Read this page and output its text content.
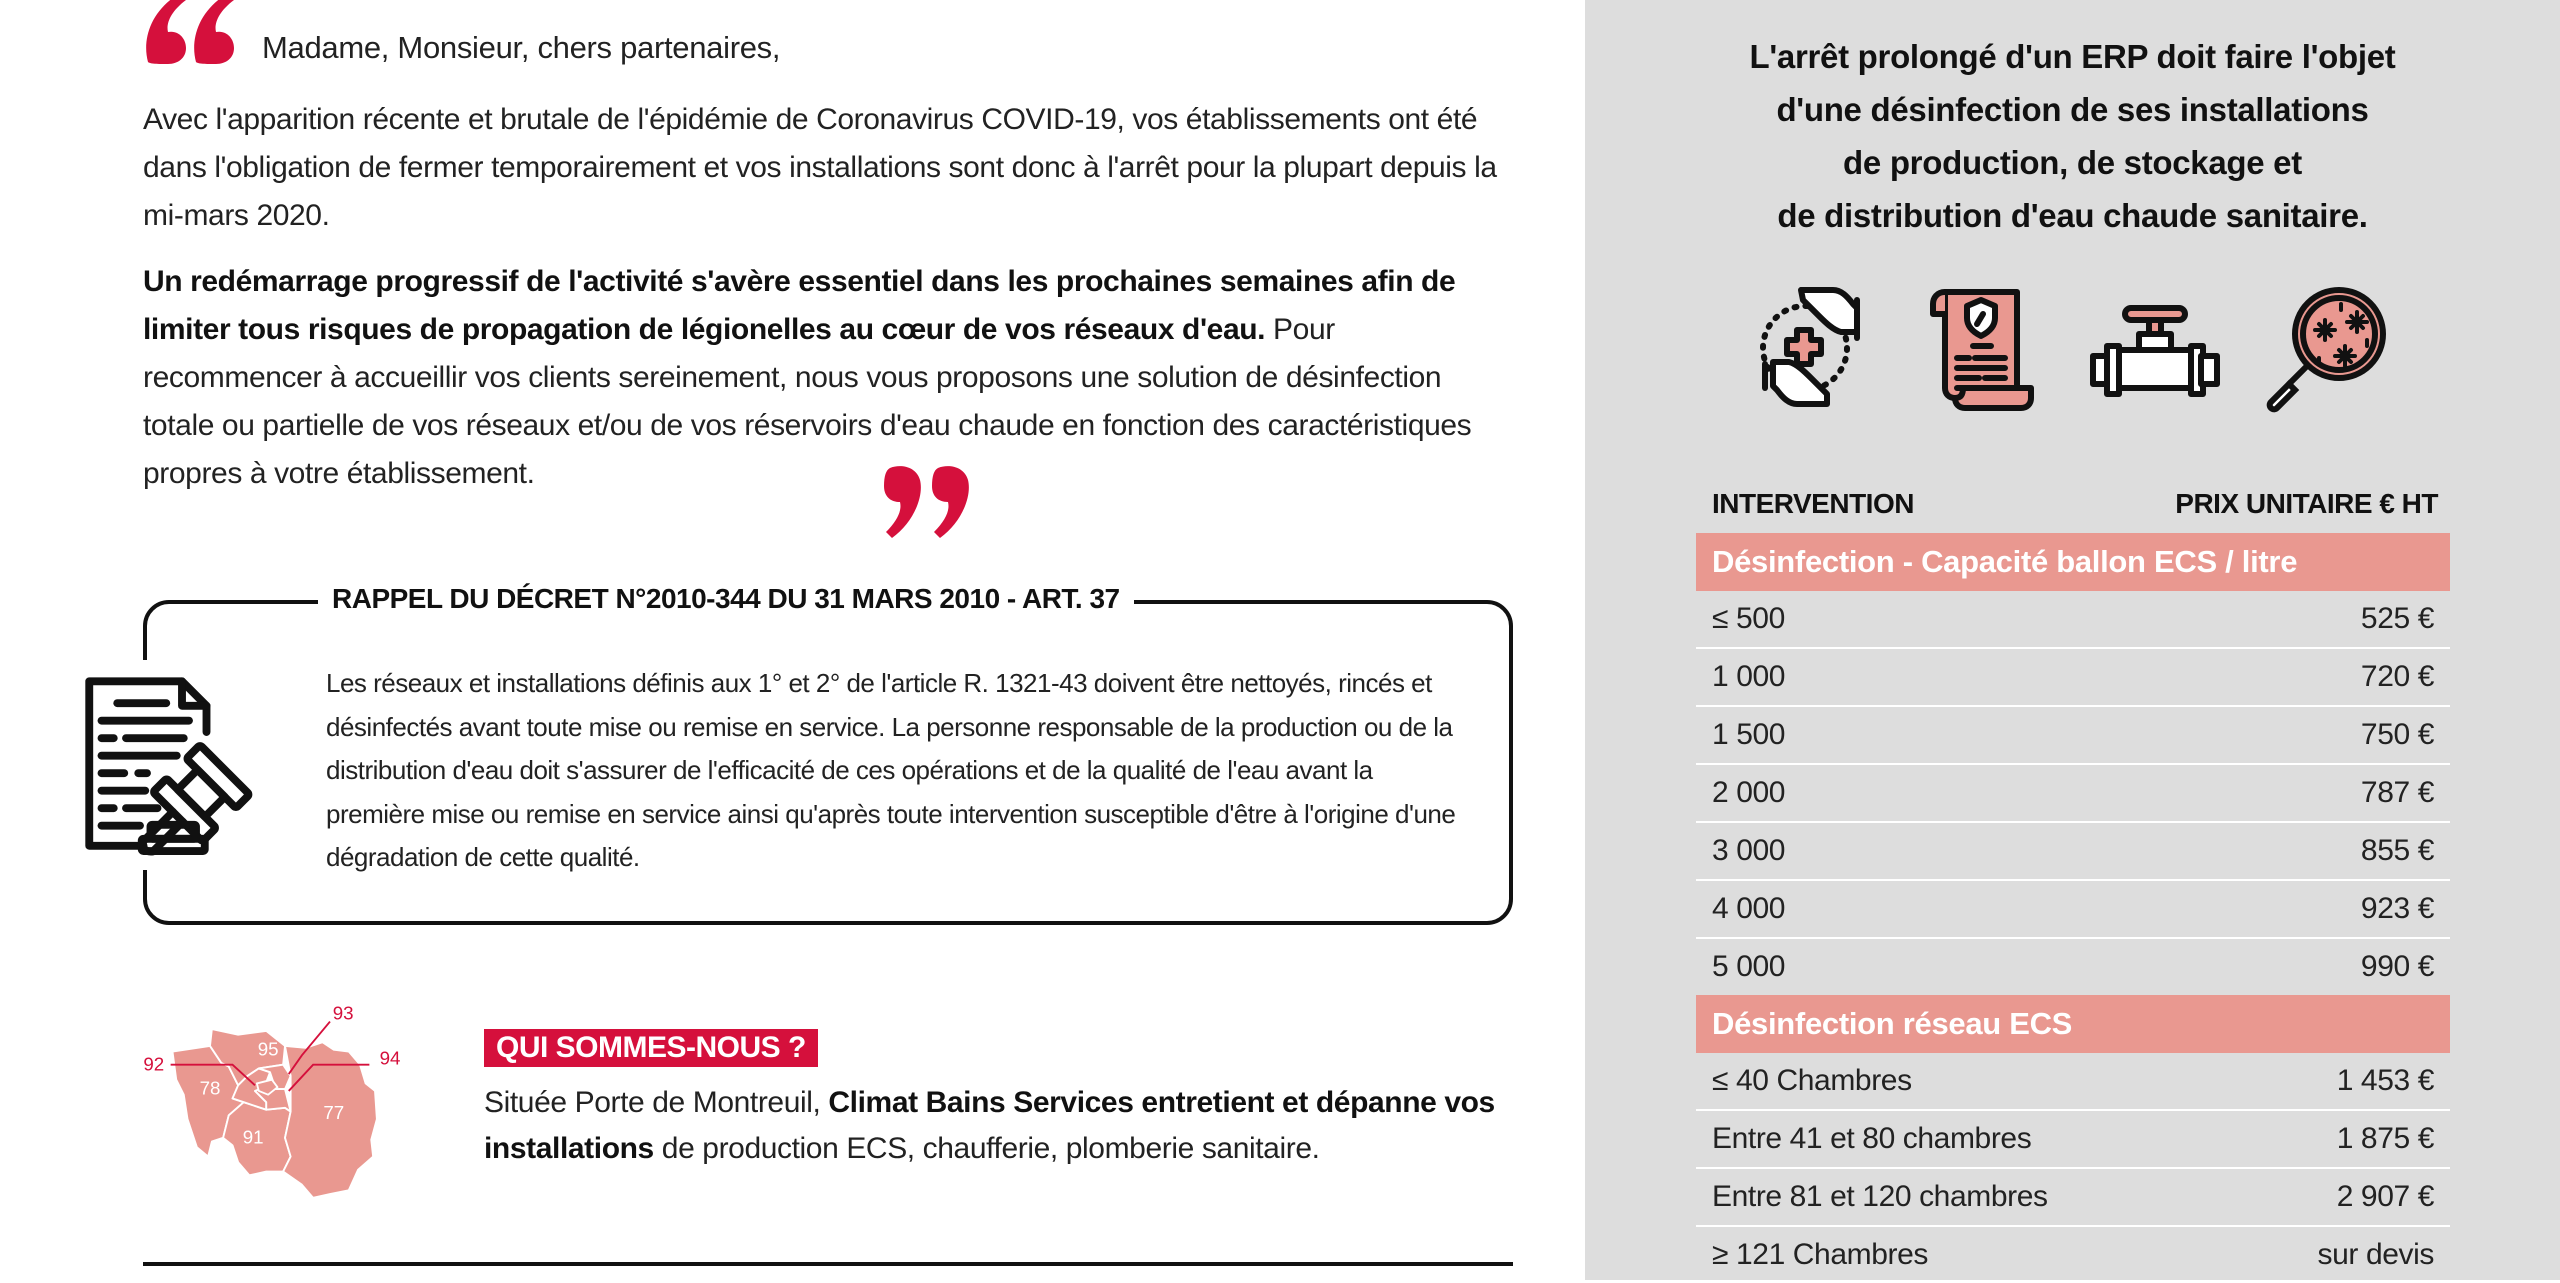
Madame, Monsieur, chers partenaires,

Avec l'apparition récente et brutale de l'épidémie de Coronavirus COVID-19, vos établissements ont été dans l'obligation de fermer temporairement et vos installations sont donc à l'arrêt pour la plupart depuis la mi-mars 2020.

Un redémarrage progressif de l'activité s'avère essentiel dans les prochaines semaines afin de limiter tous risques de propagation de légionelles au cœur de vos réseaux d'eau. Pour recommencer à accueillir vos clients sereinement, nous vous proposons une solution de désinfection totale ou partielle de vos réseaux et/ou de vos réservoirs d'eau chaude en fonction des caractéristiques propres à votre établissement.

RAPPEL DU DÉCRET N°2010-344 DU 31 MARS 2010 - ART. 37

Les réseaux et installations définis aux 1° et 2° de l'article R. 1321-43 doivent être nettoyés, rincés et désinfectés avant toute mise ou remise en service. La personne responsable de la production ou de la distribution d'eau doit s'assurer de l'efficacité de ces opérations et de la qualité de l'eau avant la première mise ou remise en service ainsi qu'après toute intervention susceptible d'être à l'origine d'une dégradation de cette qualité.

95
78
91
77
92
93
94	QUI SOMMES-NOUS ?

Située Porte de Montreuil, Climat Bains Services entretient et dépanne vos installations de production ECS, chaufferie, plomberie sanitaire.

L'arrêt prolongé d'un ERP doit faire l'objet
d'une désinfection de ses installations
de production, de stockage et
de distribution d'eau chaude sanitaire.
INTERVENTION	PRIX UNITAIRE € HT
Désinfection - Capacité ballon ECS / litre
≤ 500	525 €
1 000	720 €
1 500	750 €
2 000	787 €
3 000	855 €
4 000	923 €
5 000	990 €
Désinfection réseau ECS
≤ 40 Chambres	1 453 €
Entre 41 et 80 chambres	1 875 €
Entre 81 et 120 chambres	2 907 €
≥ 121 Chambres	sur devis
